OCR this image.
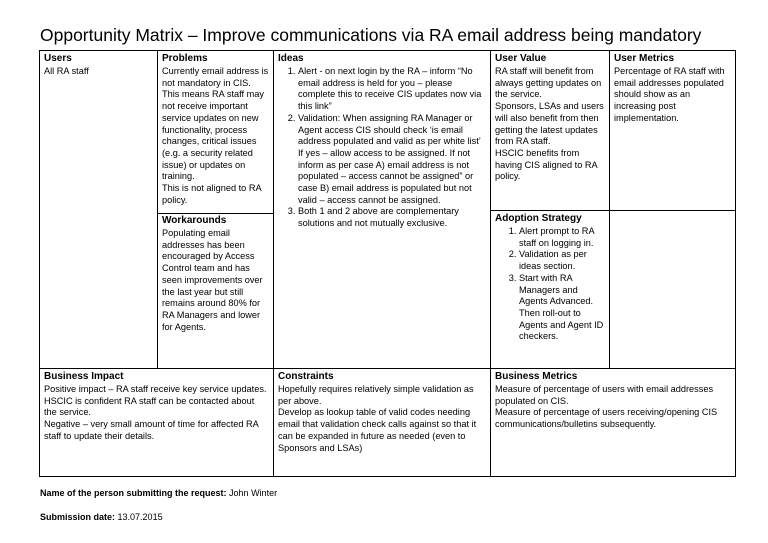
Opportunity Matrix – Improve communications via RA email address being mandatory
Users
All RA staff
Problems
Currently email address is not mandatory in CIS.
This means RA staff may not receive important service updates on new functionality, process changes, critical issues (e.g. a security related issue) or updates on training.
This is not aligned to RA policy.
Workarounds
Populating email addresses has been encouraged by Access Control team and has seen improvements over the last year but still remains around 80% for RA Managers and lower for Agents.
Ideas
1. Alert - on next login by the RA – inform “No email address is held for you – please complete this to receive CIS updates now via this link”
2. Validation: When assigning RA Manager or Agent access CIS should check ‘is email address populated and valid as per white list’ If yes – allow access to be assigned. If not inform as per case A) email address is not populated – access cannot be assigned” or case B) email address is populated but not valid – access cannot be assigned.
3. Both 1 and 2 above are complementary solutions and not mutually exclusive.
User Value
RA staff will benefit from always getting updates on the service.
Sponsors, LSAs and users will also benefit from then getting the latest updates from RA staff.
HSCIC benefits from having CIS aligned to RA policy.
User Metrics
Percentage of RA staff with email addresses populated should show as an increasing post implementation.
Adoption Strategy
1. Alert prompt to RA staff on logging in.
2. Validation as per ideas section.
3. Start with RA Managers and Agents Advanced. Then roll-out to Agents and Agent ID checkers.
Business Impact
Positive impact – RA staff receive key service updates.
HSCIC is confident RA staff can be contacted about the service.
Negative – very small amount of time for affected RA staff to update their details.
Constraints
Hopefully requires relatively simple validation as per above.
Develop as lookup table of valid codes needing email that validation check calls against so that it can be expanded in future as needed (even to Sponsors and LSAs)
Business Metrics
Measure of percentage of users with email addresses populated on CIS.
Measure of percentage of users receiving/opening CIS communications/bulletins subsequently.
Name of the person submitting the request: John Winter
Submission date: 13.07.2015
